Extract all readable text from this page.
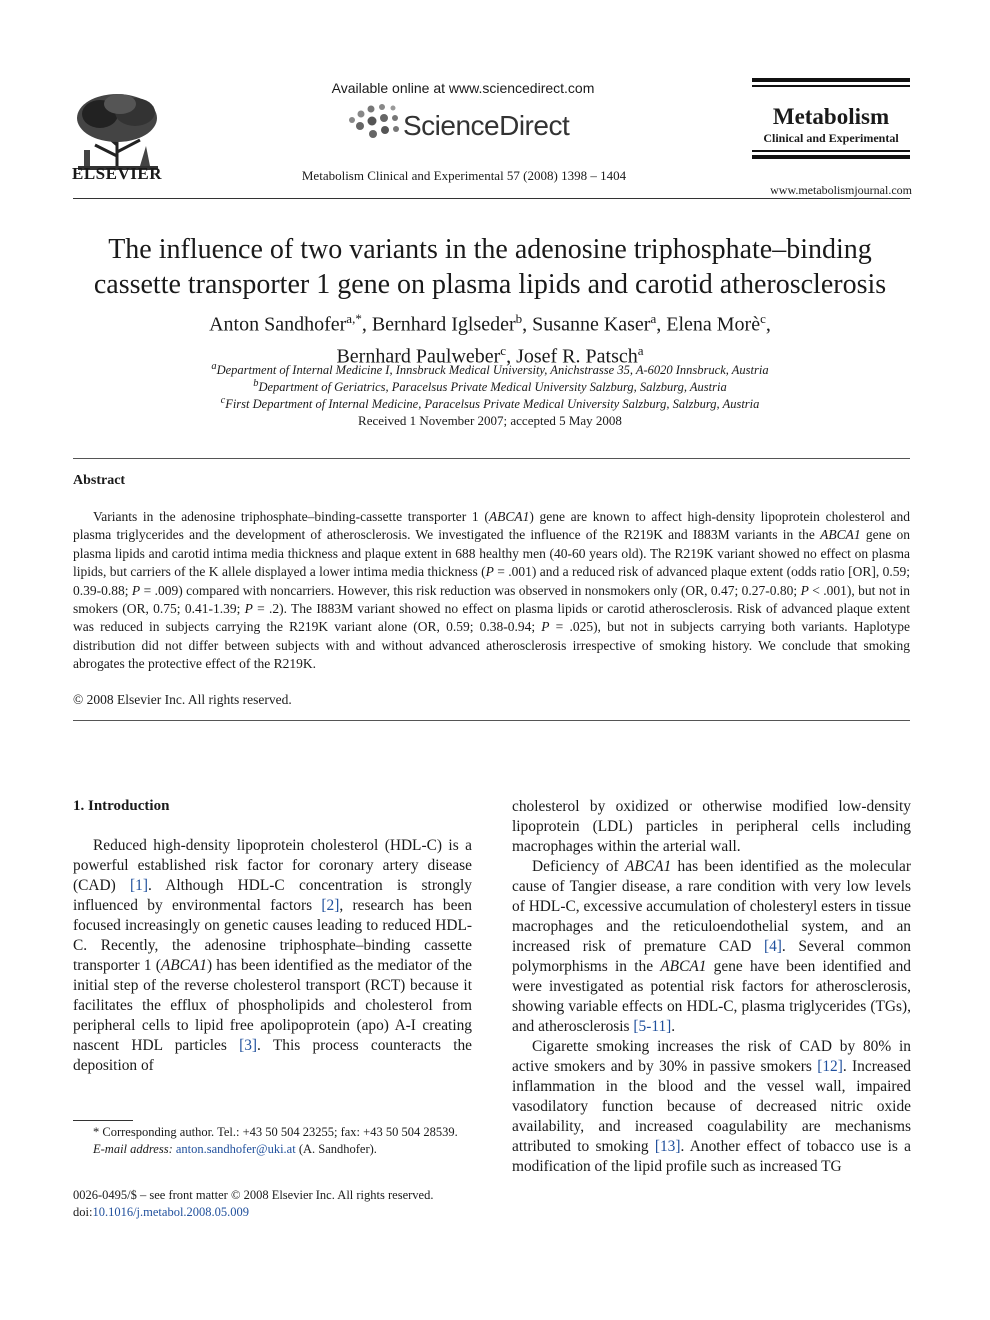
ELSEVIER
Available online at www.sciencedirect.com
ScienceDirect
Metabolism Clinical and Experimental 57 (2008) 1398 – 1404
Metabolism
Clinical and Experimental
www.metabolismjournal.com
The influence of two variants in the adenosine triphosphate–binding
cassette transporter 1 gene on plasma lipids and carotid atherosclerosis
Anton Sandhofer$^{a,*}$, Bernhard Iglseder$^b$, Susanne Kaser$^a$, Elena Morè$^c$,
Bernhard Paulweber$^c$, Josef R. Patsch$^a$
$^a$Department of Internal Medicine I, Innsbruck Medical University, Anichstrasse 35, A-6020 Innsbruck, Austria
$^b$Department of Geriatrics, Paracelsus Private Medical University Salzburg, Salzburg, Austria
$^c$First Department of Internal Medicine, Paracelsus Private Medical University Salzburg, Salzburg, Austria
Received 1 November 2007; accepted 5 May 2008
Abstract
Variants in the adenosine triphosphate–binding-cassette transporter 1 (ABCA1) gene are known to affect high-density lipoprotein cholesterol and plasma triglycerides and the development of atherosclerosis. We investigated the influence of the R219K and I883M variants in the ABCA1 gene on plasma lipids and carotid intima media thickness and plaque extent in 688 healthy men (40-60 years old). The R219K variant showed no effect on plasma lipids, but carriers of the K allele displayed a lower intima media thickness (P = .001) and a reduced risk of advanced plaque extent (odds ratio [OR], 0.59; 0.39-0.88; P = .009) compared with noncarriers. However, this risk reduction was observed in nonsmokers only (OR, 0.47; 0.27-0.80; P < .001), but not in smokers (OR, 0.75; 0.41-1.39; P = .2). The I883M variant showed no effect on plasma lipids or carotid atherosclerosis. Risk of advanced plaque extent was reduced in subjects carrying the R219K variant alone (OR, 0.59; 0.38-0.94; P = .025), but not in subjects carrying both variants. Haplotype distribution did not differ between subjects with and without advanced atherosclerosis irrespective of smoking history. We conclude that smoking abrogates the protective effect of the R219K.
© 2008 Elsevier Inc. All rights reserved.
1. Introduction

Reduced high-density lipoprotein cholesterol (HDL-C) is a powerful established risk factor for coronary artery disease (CAD) [1]. Although HDL-C concentration is strongly influenced by environmental factors [2], research has been focused increasingly on genetic causes leading to reduced HDL-C. Recently, the adenosine triphosphate–binding cassette transporter 1 (ABCA1) has been identified as the mediator of the initial step of the reverse cholesterol transport (RCT) because it facilitates the efflux of phospholipids and cholesterol from peripheral cells to lipid free apolipoprotein (apo) A-I creating nascent HDL particles [3]. This process counteracts the deposition of

cholesterol by oxidized or otherwise modified low-density lipoprotein (LDL) particles in peripheral cells including macrophages within the arterial wall.

Deficiency of ABCA1 has been identified as the molecular cause of Tangier disease, a rare condition with very low levels of HDL-C, excessive accumulation of cholesteryl esters in tissue macrophages and the reticuloendothelial system, and an increased risk of premature CAD [4]. Several common polymorphisms in the ABCA1 gene have been identified and were investigated as potential risk factors for atherosclerosis, showing variable effects on HDL-C, plasma triglycerides (TGs), and atherosclerosis [5-11].

Cigarette smoking increases the risk of CAD by 80% in active smokers and by 30% in passive smokers [12]. Increased inflammation in the blood and the vessel wall, impaired vasodilatory function because of decreased nitric oxide availability, and increased coagulability are mechanisms attributed to smoking [13]. Another effect of tobacco use is a modification of the lipid profile such as increased TG

* Corresponding author. Tel.: +43 50 504 23255; fax: +43 50 504 28539.
E-mail address: anton.sandhofer@uki.at (A. Sandhofer).
0026-0495/$ – see front matter © 2008 Elsevier Inc. All rights reserved.
doi:10.1016/j.metabol.2008.05.009
